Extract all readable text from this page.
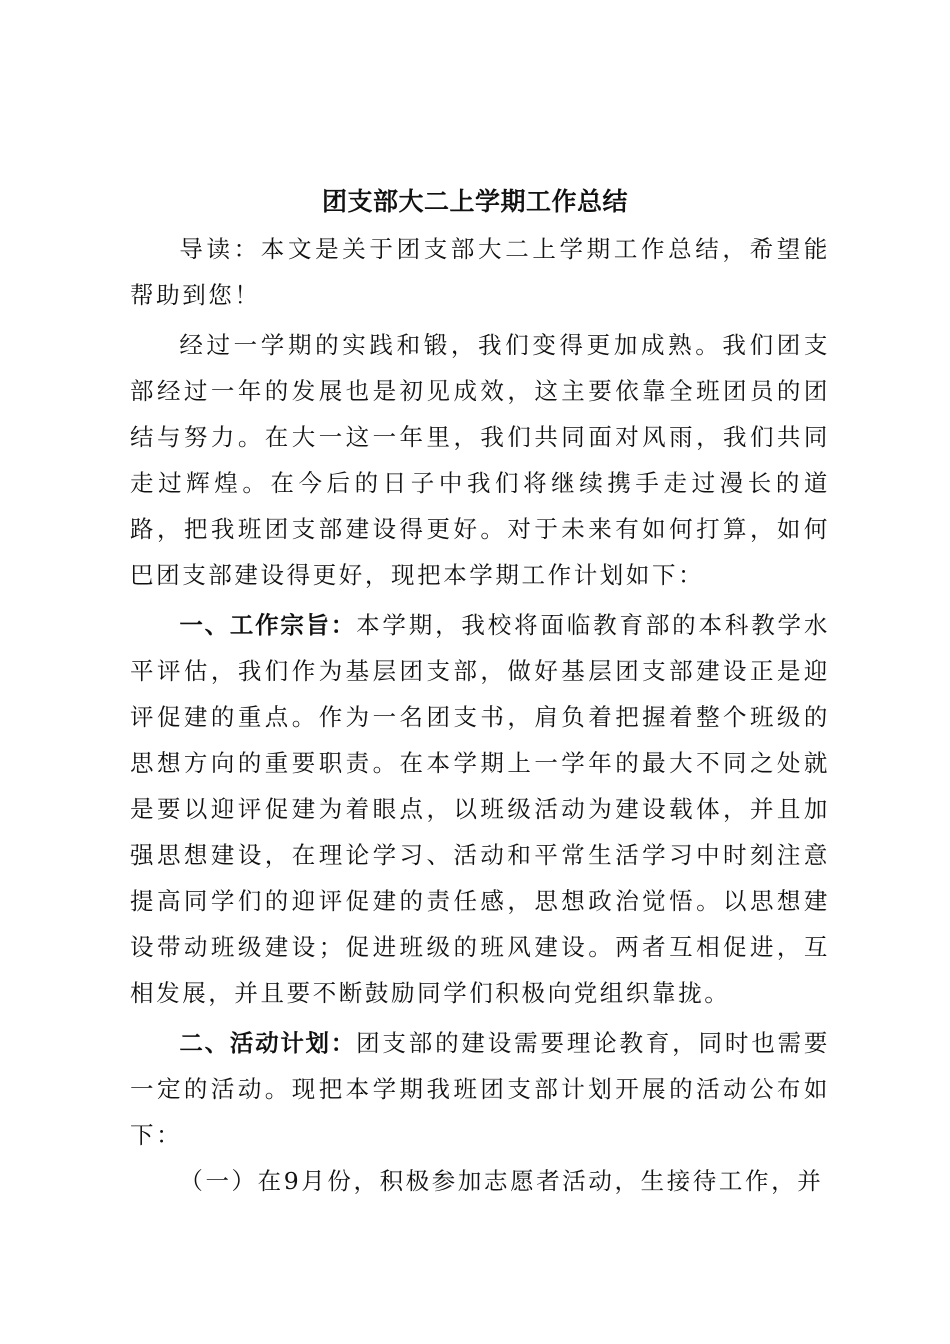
团支部大二上学期工作总结

导读：本文是关于团支部大二上学期工作总结，希望能帮助到您！

经过一学期的实践和锻，我们变得更加成熟。我们团支部经过一年的发展也是初见成效，这主要依靠全班团员的团结与努力。在大一这一年里，我们共同面对风雨，我们共同走过辉煌。在今后的日子中我们将继续携手走过漫长的道路，把我班团支部建设得更好。对于未来有如何打算，如何巴团支部建设得更好，现把本学期工作计划如下：

一、工作宗旨：本学期，我校将面临教育部的本科教学水平评估，我们作为基层团支部，做好基层团支部建设正是迎评促建的重点。作为一名团支书，肩负着把握着整个班级的思想方向的重要职责。在本学期上一学年的最大不同之处就是要以迎评促建为着眼点，以班级活动为建设载体，并且加强思想建设，在理论学习、活动和平常生活学习中时刻注意提高同学们的迎评促建的责任感，思想政治觉悟。以思想建设带动班级建设；促进班级的班风建设。两者互相促进，互相发展，并且要不断鼓励同学们积极向党组织靠拢。

二、活动计划：团支部的建设需要理论教育，同时也需要一定的活动。现把本学期我班团支部计划开展的活动公布如下：

（一）在9月份，积极参加志愿者活动，生接待工作，并
